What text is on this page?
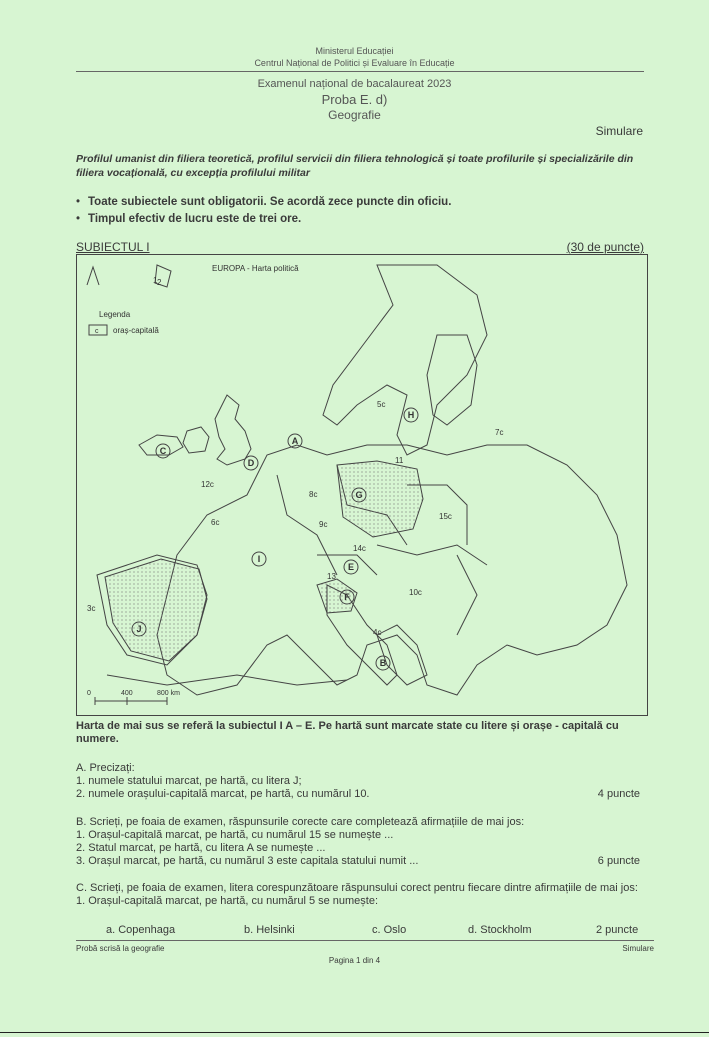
Ministerul Educației
Centrul Național de Politici și Evaluare în Educație
Examenul național de bacalaureat 2023
Proba E. d)
Geografie
Simulare
Profilul umanist din filiera teoretică, profilul servicii din filiera tehnologică și toate profilurile și specializările din filiera vocațională, cu excepția profilului militar
• Toate subiectele sunt obligatorii. Se acordă zece puncte din oficiu.
• Timpul efectiv de lucru este de trei ore.
SUBIECTUL I	(30 de puncte)
EUROPA - Harta politică
Legenda
c oraș-capitală
A
B
C
D
E
F
G
H
I
J
1 2
3c
4c
5c
6c
7c
8c
9c
10c
11
12c
13
14c
15c
0	400	800 km
Harta de mai sus se referă la subiectul I A – E. Pe hartă sunt marcate state cu litere și orașe - capitală cu numere.
A. Precizați:
1. numele statului marcat, pe hartă, cu litera J;
2. numele orașului-capitală marcat, pe hartă, cu numărul 10.	4 puncte
B. Scrieți, pe foaia de examen, răspunsurile corecte care completează afirmațiile de mai jos:
1. Orașul-capitală marcat, pe hartă, cu numărul 15 se numește ...
2. Statul marcat, pe hartă, cu litera A se numește ...
3. Orașul marcat, pe hartă, cu numărul 3 este capitala statului numit ...	6 puncte
C. Scrieți, pe foaia de examen, litera corespunzătoare răspunsului corect pentru fiecare dintre afirmațiile de mai jos:
1. Orașul-capitală marcat, pe hartă, cu numărul 5 se numește:
a. Copenhaga	b. Helsinki	c. Oslo	d. Stockholm	2 puncte
Probă scrisă la geografie	Simulare
Pagina 1 din 4
